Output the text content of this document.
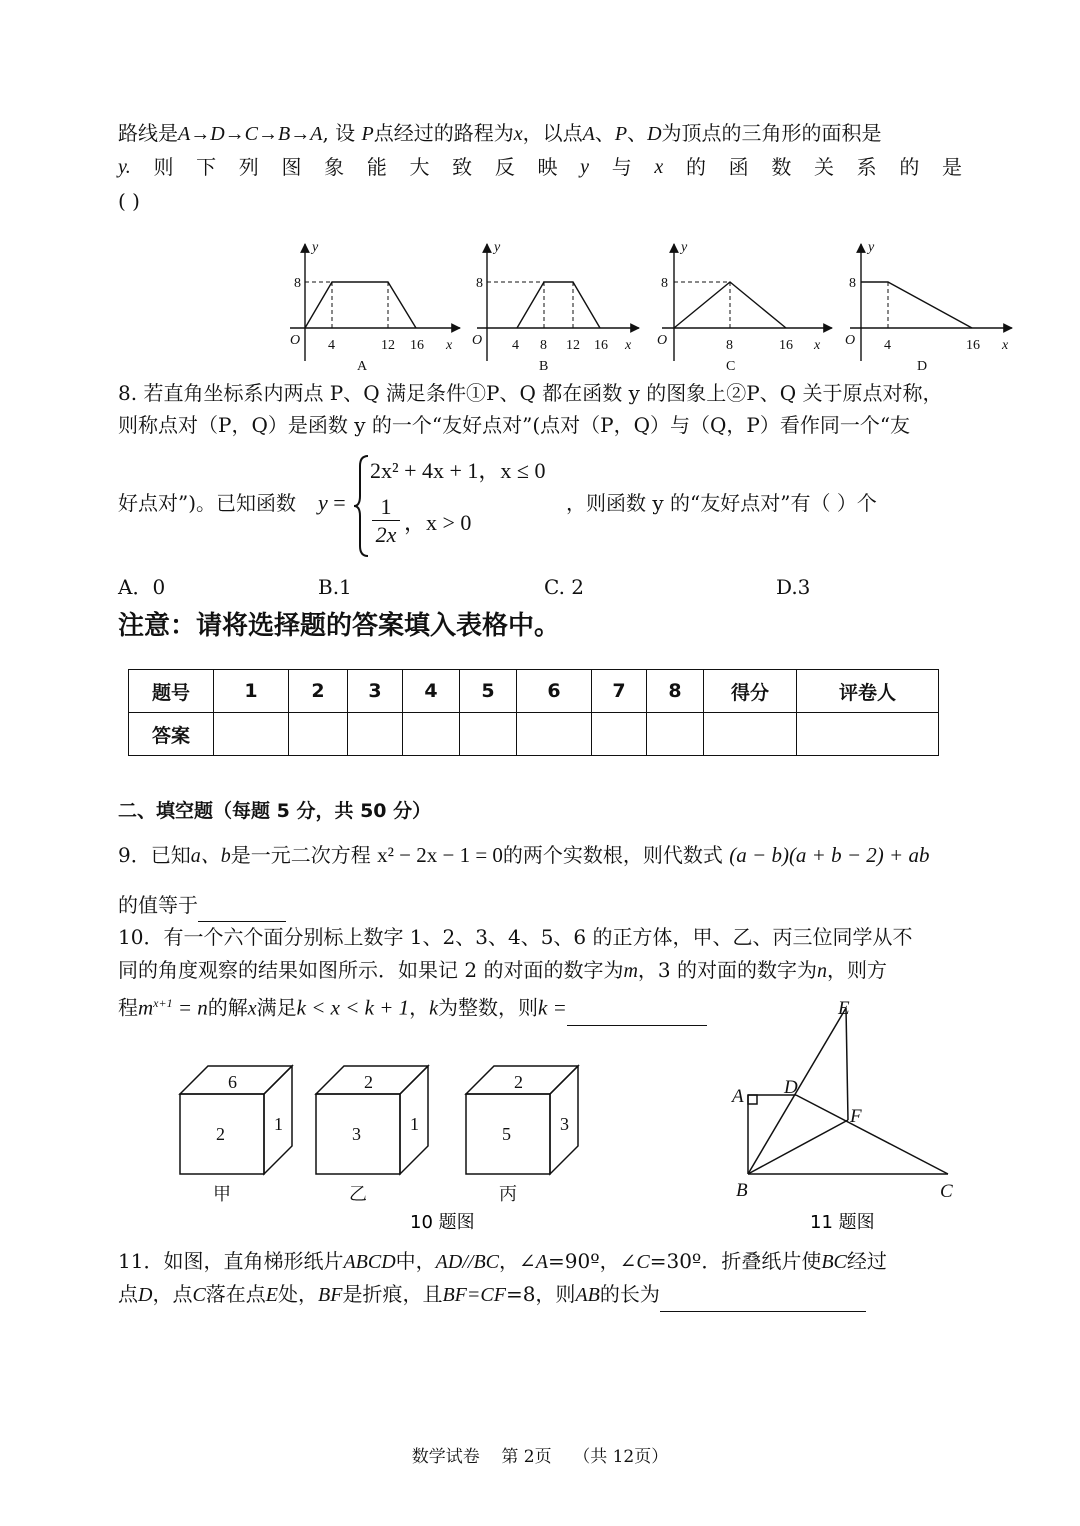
路线是A→D→C→B→A, 设 P点经过的路程为x，以点A、P、D为顶点的三角形的面积是
y. 则 下 列 图 象 能 大 致 反 映 y 与 x 的 函 数 关 系 的 是
( )
y
8
O 4	12 16 x
A
y
8
O 4 8 12 16 x
B
y
8
O	8	16 x
C
y
8
O 4	16 x
D
8. 若直角坐标系内两点 P、Q 满足条件①P、Q 都在函数 y 的图象上②P、Q 关于原点对称，
则称点对（P，Q）是函数 y 的一个“友好点对”(点对（P，Q）与（Q，P）看作同一个“友
好点对”)。已知函数 y =
2x² + 4x + 1，x ≤ 0
1
2x ，x > 0
，则函数 y 的“友好点对”有（ ）个
A．0	B.1	C. 2	D.3
注意：请将选择题的答案填入表格中。
题号	1	2	3	4	5	6	7	8	得分	评卷人
答案										
二、填空题（每题 5 分，共 50 分）
9．已知a、b是一元二次方程 x² − 2x − 1 = 0的两个实数根，则代数式 (a − b)(a + b − 2) + ab
的值等于
10．有一个六个面分别标上数字 1、2、3、4、5、6 的正方体，甲、乙、丙三位同学从不
同的角度观察的结果如图所示．如果记 2 的对面的数字为m，3 的对面的数字为n，则方
程$m^{x+1} = n$的解x满足k < x < k + 1，k为整数，则k =
6
2	1
甲
2
3	1
乙
2
5	3
丙
10 题图
A
B	C
D
E
F
11 题图
11．如图，直角梯形纸片ABCD中，AD//BC，∠A=90º，∠C=30º．折叠纸片使BC经过
点D，点C落在点E处，BF是折痕，且BF=CF=8，则AB的长为
数学试卷    第 2页    （共 12页）
